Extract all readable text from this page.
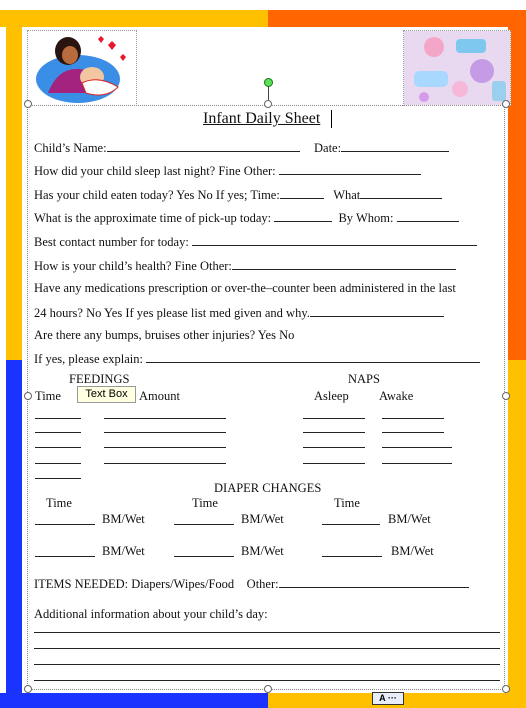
Infant Daily Sheet
Child’s Name:	Date:
How did your child sleep last night? Fine Other:
Has your child eaten today? Yes No If yes; Time:	What
What is the approximate time of pick-up today:	By Whom:
Best contact number for today:
How is your child’s health? Fine Other:
Have any medications prescription or over-the–counter been administered in the last
24 hours? No Yes If yes please list med given and why.
Are there any bumps, bruises other injuries? Yes No
If yes, please explain:
FEEDINGS	NAPS
Time	Amount	Asleep Awake
Text Box
DIAPER CHANGES
Time	Time	Time
BM/Wet	BM/Wet	BM/Wet
BM/Wet	BM/Wet	BM/Wet
ITEMS NEEDED: Diapers/Wipes/Food Other:
Additional information about your child’s day:
A ···
